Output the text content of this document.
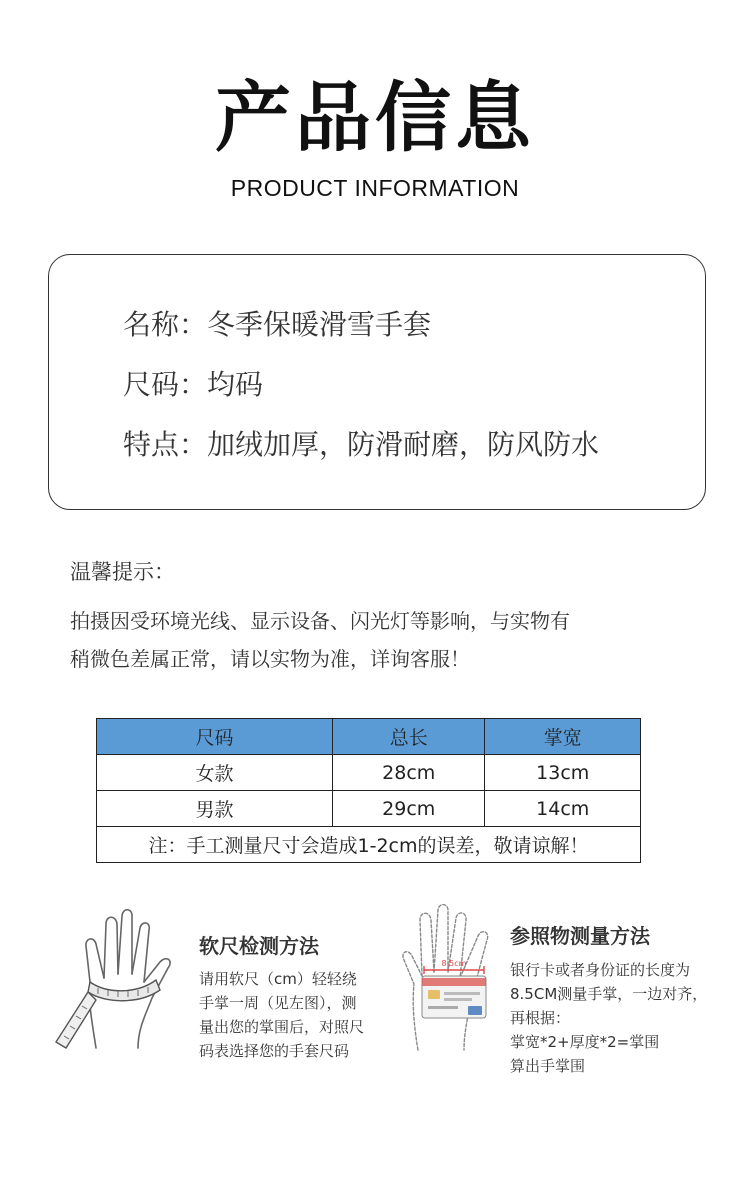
产品信息
PRODUCT INFORMATION
名称：冬季保暖滑雪手套
尺码：均码
特点：加绒加厚，防滑耐磨，防风防水
温馨提示：
拍摄因受环境光线、显示设备、闪光灯等影响，与实物有
稍微色差属正常，请以实物为准，详询客服！
尺码	总长	掌宽
女款	28cm	13cm
男款	29cm	14cm
注：手工测量尺寸会造成1-2cm的误差，敬请谅解！		
软尺检测方法
请用软尺（cm）轻轻绕
手掌一周（见左图），测
量出您的掌围后，对照尺
码表选择您的手套尺码
8.5cm
参照物测量方法
银行卡或者身份证的长度为
8.5CM测量手掌，一边对齐，
再根据：
掌宽*2+厚度*2=掌围
算出手掌围
